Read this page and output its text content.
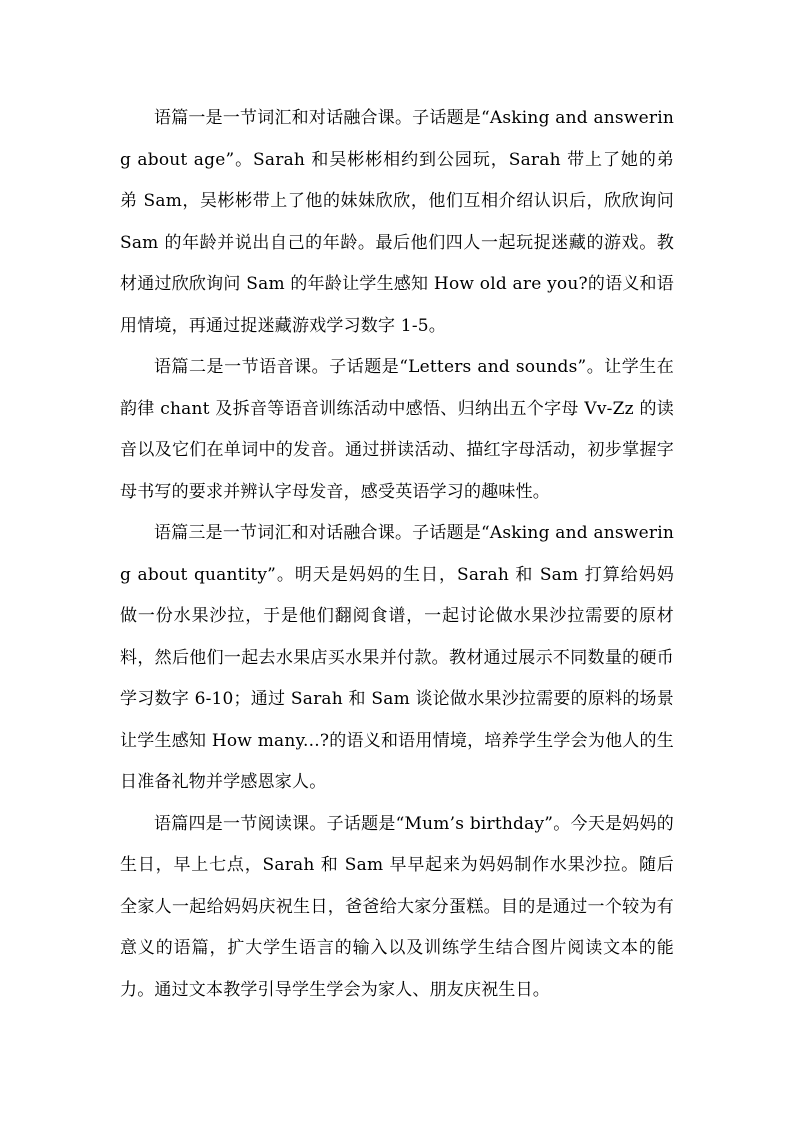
语篇一是一节词汇和对话融合课。子话题是“Asking and answering about age”。Sarah 和吴彬彬相约到公园玩，Sarah 带上了她的弟弟 Sam，吴彬彬带上了他的妹妹欣欣，他们互相介绍认识后，欣欣询问 Sam 的年龄并说出自己的年龄。最后他们四人一起玩捉迷藏的游戏。教材通过欣欣询问 Sam 的年龄让学生感知 How old are you?的语义和语用情境，再通过捉迷藏游戏学习数字 1-5。

语篇二是一节语音课。子话题是“Letters and sounds”。让学生在韵律 chant 及拆音等语音训练活动中感悟、归纳出五个字母 Vv-Zz 的读音以及它们在单词中的发音。通过拼读活动、描红字母活动，初步掌握字母书写的要求并辨认字母发音，感受英语学习的趣味性。

语篇三是一节词汇和对话融合课。子话题是“Asking and answering about quantity”。明天是妈妈的生日，Sarah 和 Sam 打算给妈妈做一份水果沙拉，于是他们翻阅食谱，一起讨论做水果沙拉需要的原材料，然后他们一起去水果店买水果并付款。教材通过展示不同数量的硬币学习数字 6-10；通过 Sarah 和 Sam 谈论做水果沙拉需要的原料的场景让学生感知 How many...?的语义和语用情境，培养学生学会为他人的生日准备礼物并学感恩家人。

语篇四是一节阅读课。子话题是“Mum’s birthday”。今天是妈妈的生日，早上七点，Sarah 和 Sam 早早起来为妈妈制作水果沙拉。随后全家人一起给妈妈庆祝生日，爸爸给大家分蛋糕。目的是通过一个较为有意义的语篇，扩大学生语言的输入以及训练学生结合图片阅读文本的能力。通过文本教学引导学生学会为家人、朋友庆祝生日。
